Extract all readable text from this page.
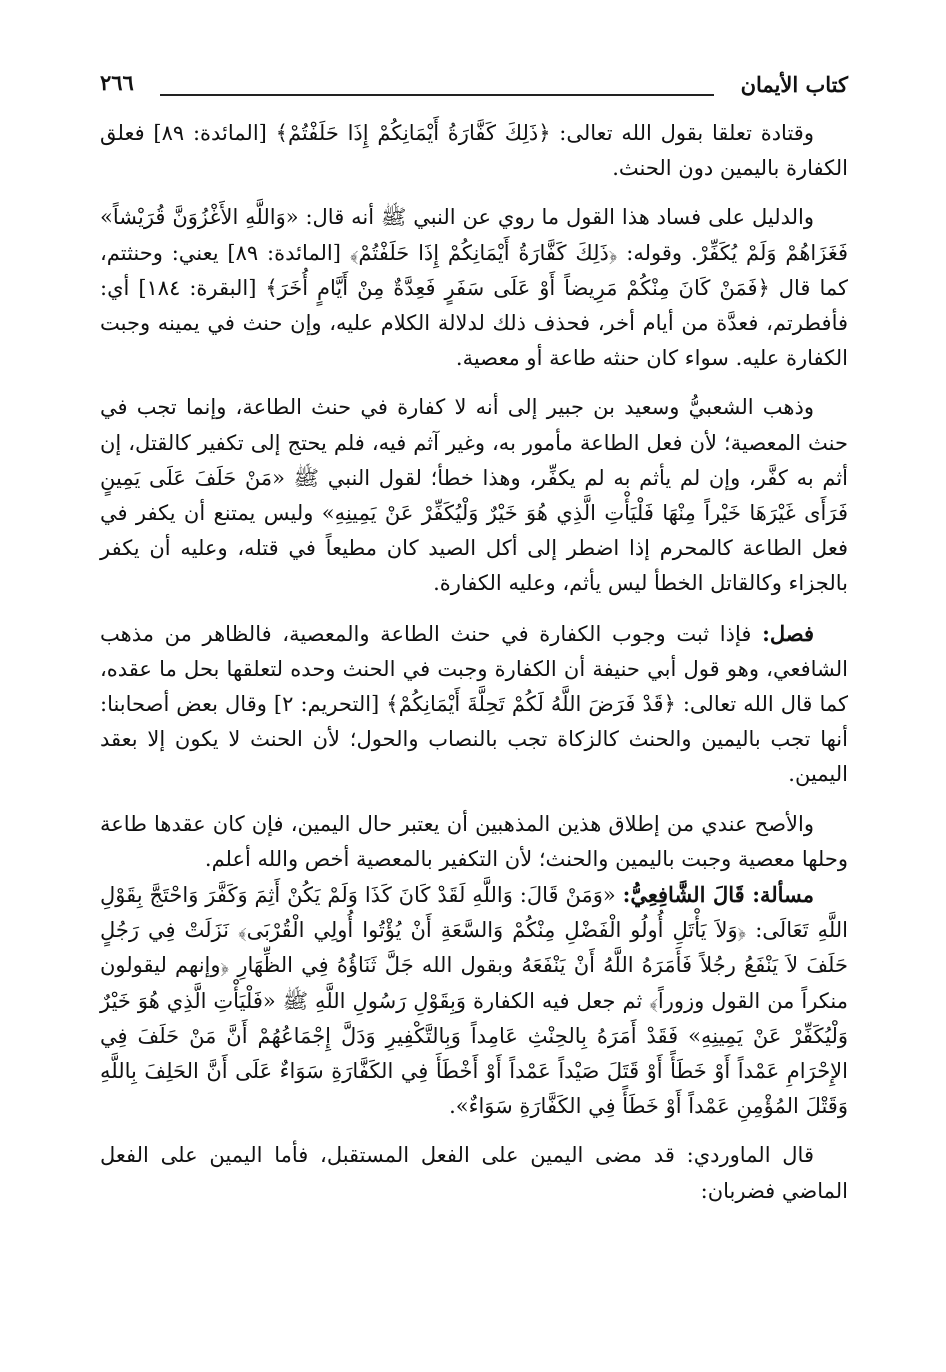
كتاب الأيمان
٢٦٦

وقتادة تعلقا بقول الله تعالى: ﴿ذَلِكَ كَفَّارَةُ أَيْمَانِكُمْ إِذَا حَلَفْتُمْ﴾ [المائدة: ٨٩] فعلق الكفارة باليمين دون الحنث.

والدليل على فساد هذا القول ما روي عن النبي ﷺ أنه قال: «وَاللَّهِ الأَغْزُوَنَّ قُرَيْشاً» فَغَزَاهُمْ وَلَمْ يُكَفِّرْ. وقوله: ﴿ذَلِكَ كَفَّارَةُ أَيْمَانِكُمْ إِذَا حَلَفْتُمْ﴾ [المائدة: ٨٩] يعني: وحنثتم، كما قال ﴿فَمَنْ كَانَ مِنْكُمْ مَرِيضاً أَوْ عَلَى سَفَرٍ فَعِدَّةٌ مِنْ أَيَّامٍ أُخَرَ﴾ [البقرة: ١٨٤] أي: فأفطرتم، فعدَّة من أيام أخر، فحذف ذلك لدلالة الكلام عليه، وإن حنث في يمينه وجبت الكفارة عليه. سواء كان حنثه طاعة أو معصية.

وذهب الشعبيُّ وسعيد بن جبير إلى أنه لا كفارة في حنث الطاعة، وإنما تجب في حنث المعصية؛ لأن فعل الطاعة مأمور به، وغير آثم فيه، فلم يحتج إلى تكفير كالقتل، إن أثم به كفَّر، وإن لم يأثم به لم يكفِّر، وهذا خطأ؛ لقول النبي ﷺ «مَنْ حَلَفَ عَلَى يَمِينٍ فَرَأَى غَيْرَهَا خَيْراً مِنْهَا فَلْيَأْتِ الَّذِي هُوَ خَيْرٌ وَلْيُكَفِّرْ عَنْ يَمِينِهِ» وليس يمتنع أن يكفر في فعل الطاعة كالمحرم إذا اضطر إلى أكل الصيد كان مطيعاً في قتله، وعليه أن يكفر بالجزاء وكالقاتل الخطأ ليس يأثم، وعليه الكفارة.

فصل: فإذا ثبت وجوب الكفارة في حنث الطاعة والمعصية، فالظاهر من مذهب الشافعي، وهو قول أبي حنيفة أن الكفارة وجبت في الحنث وحده لتعلقها بحل ما عقده، كما قال الله تعالى: ﴿قَدْ فَرَضَ اللَّهُ لَكُمْ تَحِلَّةَ أَيْمَانِكُمْ﴾ [التحريم: ٢] وقال بعض أصحابنا: أنها تجب باليمين والحنث كالزكاة تجب بالنصاب والحول؛ لأن الحنث لا يكون إلا بعقد اليمين.

والأصح عندي من إطلاق هذين المذهبين أن يعتبر حال اليمين، فإن كان عقدها طاعة وحلها معصية وجبت باليمين والحنث؛ لأن التكفير بالمعصية أخص والله أعلم.

مسألة: قَالَ الشَّافِعِيُّ: «وَمَنْ قَالَ: وَاللَّهِ لَقَدْ كَانَ كَذَا وَلَمْ يَكُنْ أَثِمَ وَكَفَّرَ وَاحْتَجَّ بِقَوْلِ اللَّهِ تَعَالَى: ﴿وَلاَ يَأْتَلِ أُولُو الْفَضْلِ مِنْكُمْ وَالسَّعَةِ أَنْ يُؤْتُوا أُولِي الْقُرْبَى﴾ نَزَلَتْ فِي رَجُلٍ حَلَفَ لاَ يَنْفَعُ رجُلاً فَأَمَرَهُ اللَّهُ أَنْ يَنْفَعَهُ وبقول الله جَلَّ ثَنَاؤُهُ فِي الظِّهَارِ ﴿وإنهم ليقولون منكراً من القول وزوراً﴾ ثم جعل فيه الكفارة وَبِقَوْلِ رَسُولِ اللَّهِ ﷺ «فَلْيَأْتِ الَّذِي هُوَ خَيْرٌ وَلْيُكَفِّرْ عَنْ يَمِينِهِ» فَقَدْ أَمَرَهُ بِالحِنْثِ عَامِداً وَبِالتَّكْفِيرِ وَدَلَّ إِجْمَاعُهُمْ أَنَّ مَنْ حَلَفَ فِي الإِحْرَامِ عَمْداً أَوْ خَطَأً أَوْ قَتَلَ صَيْداً عَمْداً أَوْ أَخْطَأَ فِي الكَفَّارَةِ سَوَاءٌ عَلَى أَنَّ الحَلِفَ بِاللَّهِ وَقَتْلَ المُؤْمِنِ عَمْداً أَوْ خَطَأً فِي الكَفَّارَةِ سَوَاءٌ».

قال الماوردي: قد مضى اليمين على الفعل المستقبل، فأما اليمين على الفعل الماضي فضربان:
